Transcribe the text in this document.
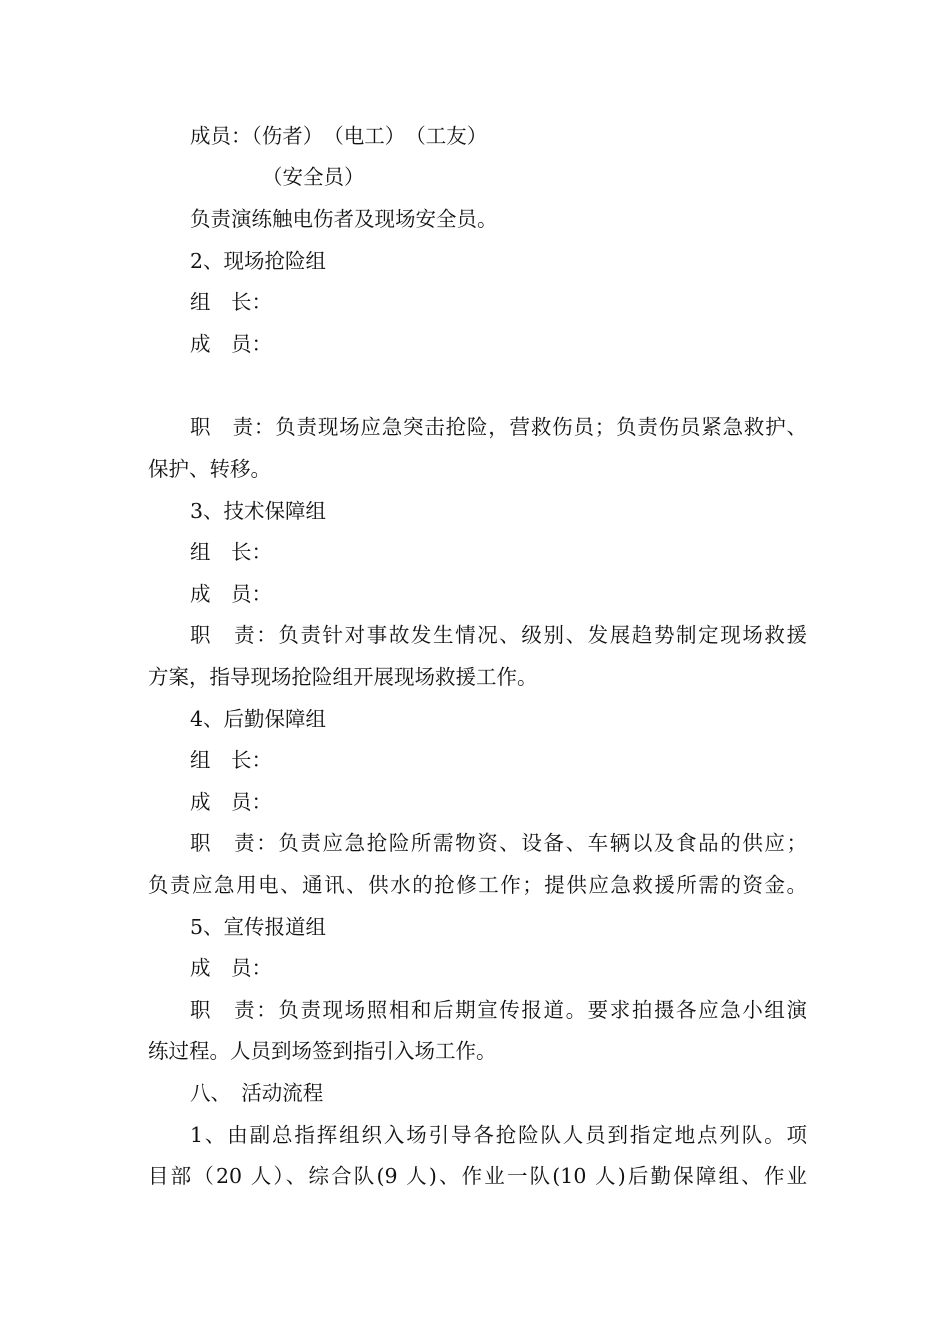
成员：（伤者）　（电工）　（工友）
（安全员）
负责演练触电伤者及现场安全员。
2、现场抢险组
组　长：
成　员：
职　责：负责现场应急突击抢险，营救伤员；负责伤员紧急救护、
保护、转移。
3、技术保障组
组　长：
成　员：
职　责：负责针对事故发生情况、级别、发展趋势制定现场救援
方案，指导现场抢险组开展现场救援工作。
4、后勤保障组
组　长：
成　员：
职　责：负责应急抢险所需物资、设备、车辆以及食品的供应；
负责应急用电、通讯、供水的抢修工作；提供应急救援所需的资金。
5、宣传报道组
成　员：
职　责：负责现场照相和后期宣传报道。要求拍摄各应急小组演
练过程。人员到场签到指引入场工作。
八、　活动流程
1、由副总指挥组织入场引导各抢险队人员到指定地点列队。项
目部（20 人）、综合队(9 人)、作业一队(10 人)后勤保障组、作业
